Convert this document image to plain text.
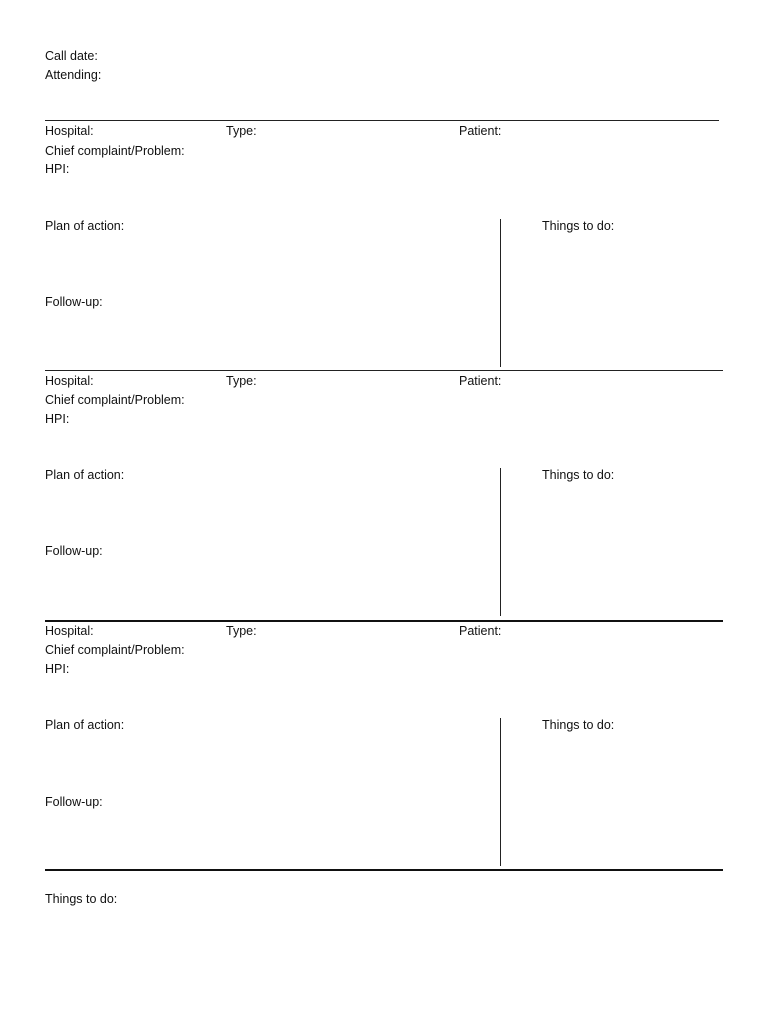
Call date:
Attending:
Hospital:	Type:	Patient:
Chief complaint/Problem:
HPI:
Plan of action:
Follow-up:
Things to do:
Hospital:	Type:	Patient:
Chief complaint/Problem:
HPI:
Plan of action:
Follow-up:
Things to do:
Hospital:	Type:	Patient:
Chief complaint/Problem:
HPI:
Plan of action:
Follow-up:
Things to do:
Things to do:
